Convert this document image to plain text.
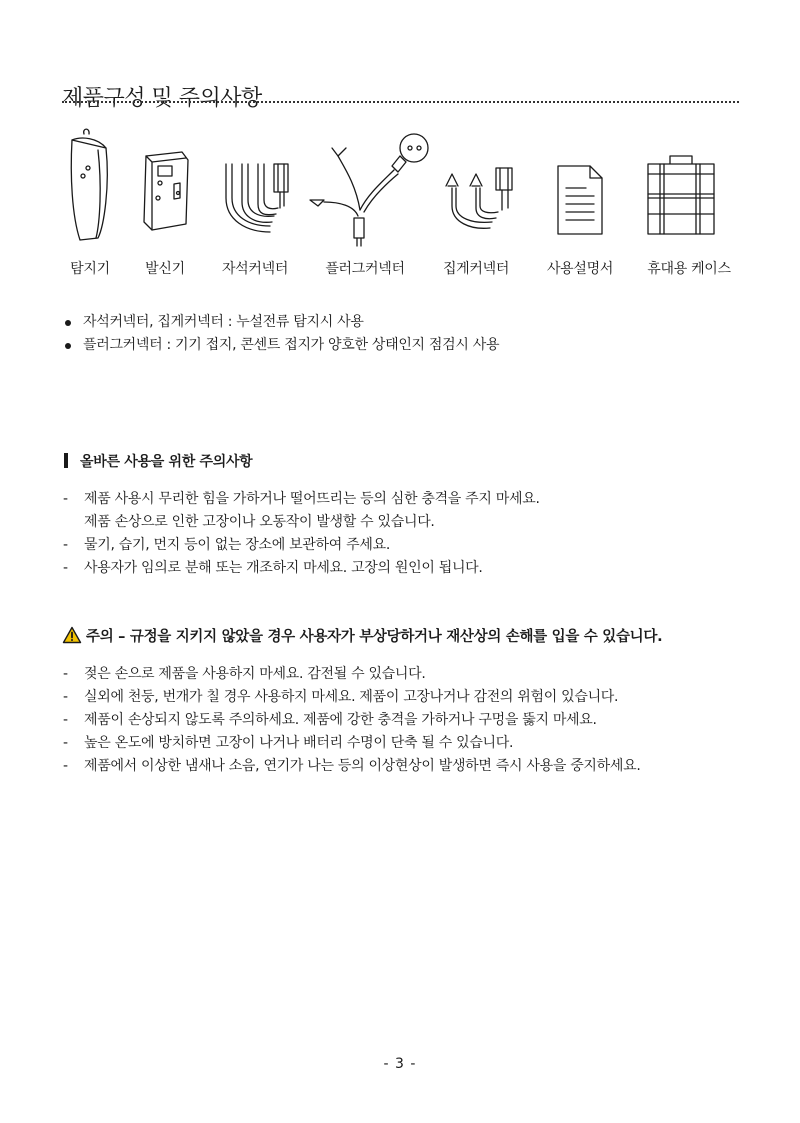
제품구성 및 주의사항
탐지기	발신기	자석커넥터	플러그커넥터	집게커넥터	사용설명서 휴대용 케이스
자석커넥터, 집게커넥터 : 누설전류 탐지시 사용
플러그커넥터 : 기기 접지, 콘센트 접지가 양호한 상태인지 점검시 사용
올바른 사용을 위한 주의사항
- 제품 사용시 무리한 힘을 가하거나 떨어뜨리는 등의 심한 충격을 주지 마세요.
제품 손상으로 인한 고장이나 오동작이 발생할 수 있습니다.
- 물기, 습기, 먼지 등이 없는 장소에 보관하여 주세요.
- 사용자가 임의로 분해 또는 개조하지 마세요. 고장의 원인이 됩니다.
주의 – 규정을 지키지 않았을 경우 사용자가 부상당하거나 재산상의 손해를 입을 수 있습니다.
- 젖은 손으로 제품을 사용하지 마세요. 감전될 수 있습니다.
- 실외에 천둥, 번개가 칠 경우 사용하지 마세요. 제품이 고장나거나 감전의 위험이 있습니다.
- 제품이 손상되지 않도록 주의하세요. 제품에 강한 충격을 가하거나 구멍을 뚫지 마세요.
- 높은 온도에 방치하면 고장이 나거나 배터리 수명이 단축 될 수 있습니다.
- 제품에서 이상한 냄새나 소음, 연기가 나는 등의 이상현상이 발생하면 즉시 사용을 중지하세요.
- 3 -
